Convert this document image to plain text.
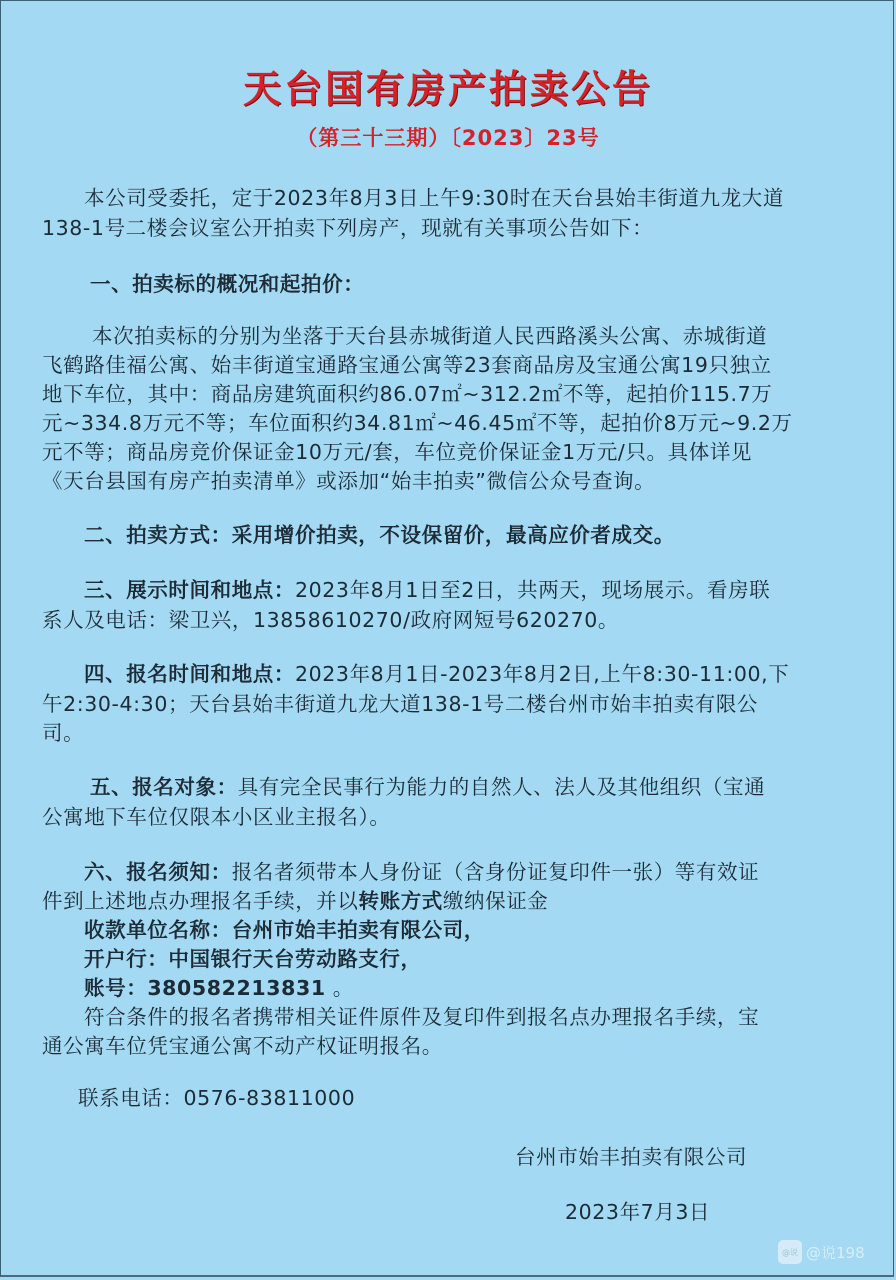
天台国有房产拍卖公告
（第三十三期）〔2023〕23号
本公司受委托，定于2023年8月3日上午9:30时在天台县始丰街道九龙大道
138-1号二楼会议室公开拍卖下列房产，现就有关事项公告如下：
一、拍卖标的概况和起拍价：
本次拍卖标的分别为坐落于天台县赤城街道人民西路溪头公寓、赤城街道
飞鹤路佳福公寓、始丰街道宝通路宝通公寓等23套商品房及宝通公寓19只独立
地下车位，其中：商品房建筑面积约86.07㎡~312.2㎡不等，起拍价115.7万
元~334.8万元不等；车位面积约34.81㎡~46.45㎡不等，起拍价8万元~9.2万
元不等；商品房竞价保证金10万元/套，车位竞价保证金1万元/只。具体详见
《天台县国有房产拍卖清单》或添加“始丰拍卖”微信公众号查询。
二、拍卖方式：采用增价拍卖，不设保留价，最高应价者成交。
三、展示时间和地点：2023年8月1日至2日，共两天，现场展示。看房联
系人及电话：梁卫兴，13858610270/政府网短号620270。
四、报名时间和地点：2023年8月1日-2023年8月2日,上午8:30-11:00,下
午2:30-4:30；天台县始丰街道九龙大道138-1号二楼台州市始丰拍卖有限公
司。
五、报名对象：具有完全民事行为能力的自然人、法人及其他组织（宝通
公寓地下车位仅限本小区业主报名）。
六、报名须知：报名者须带本人身份证（含身份证复印件一张）等有效证
件到上述地点办理报名手续，并以转账方式缴纳保证金
收款单位名称：台州市始丰拍卖有限公司，
开户行：中国银行天台劳动路支行，
账号：380582213831 。
符合条件的报名者携带相关证件原件及复印件到报名点办理报名手续，宝
通公寓车位凭宝通公寓不动产权证明报名。
联系电话：0576-83811000
台州市始丰拍卖有限公司
2023年7月3日
@说 @说198
